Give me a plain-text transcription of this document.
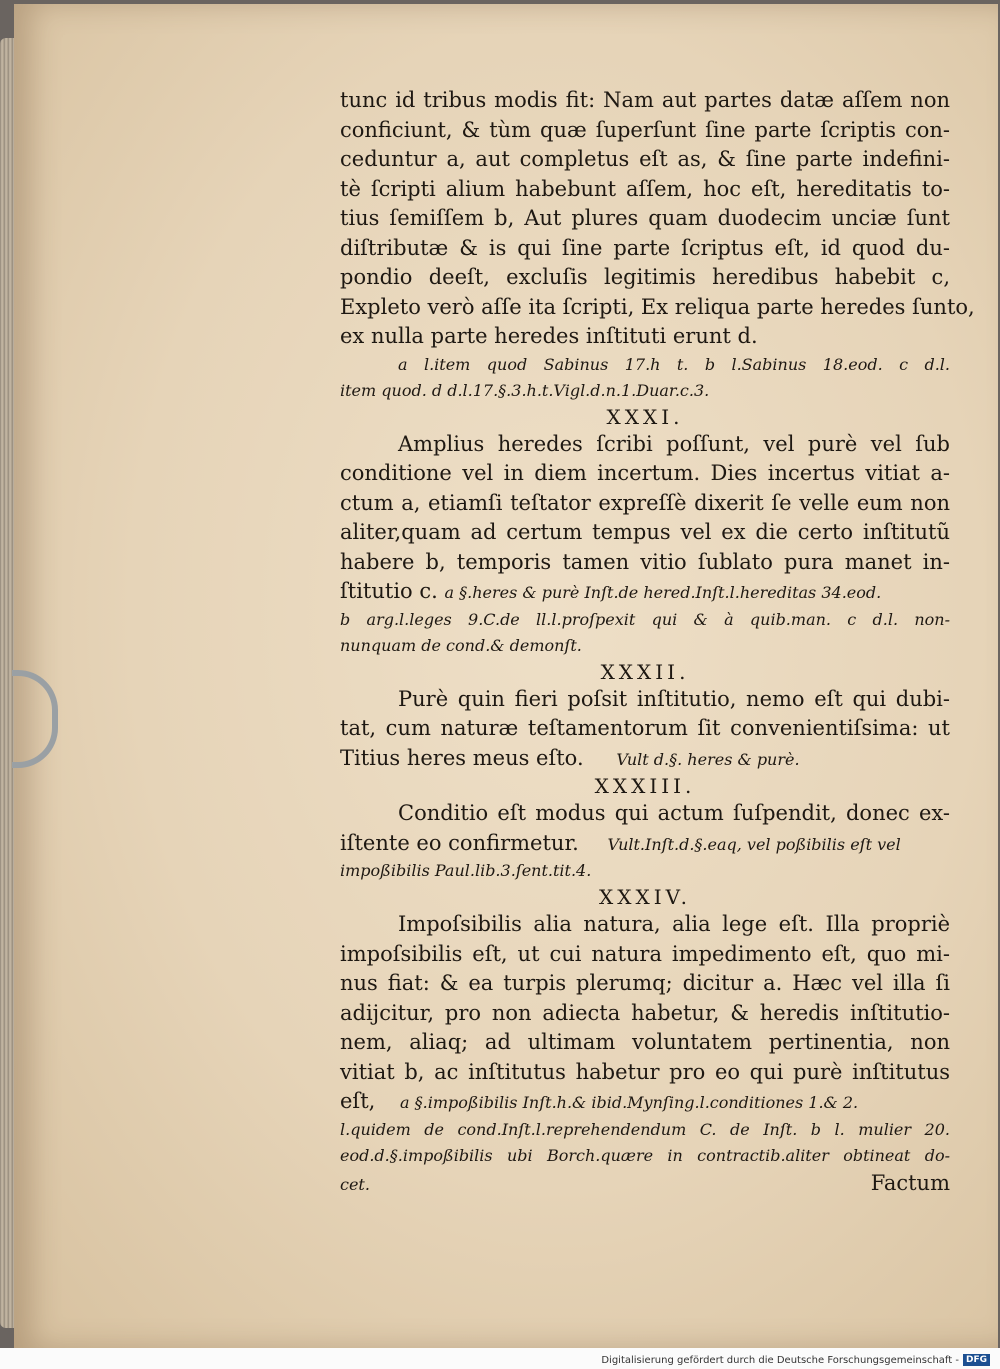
tunc id tribus modis fit: Nam aut partes datæ aſſem non
conficiunt, & tùm quæ ſuperſunt ſine parte ſcriptis con-
ceduntur a, aut completus eſt as, & ſine parte indefini-
tè ſcripti alium habebunt aſſem, hoc eſt, hereditatis to-
tius ſemiſſem b, Aut plures quam duodecim unciæ ſunt
diſtributæ & is qui ſine parte ſcriptus eſt, id quod du-
pondio deeſt, excluſis legitimis heredibus habebit c,
Expleto verò aſſe ita ſcripti, Ex reliqua parte heredes ſunto,
ex nulla parte heredes inſtituti erunt d.
a l.item quod Sabinus 17.h t. b l.Sabinus 18.eod. c d.l.
item quod. d d.l.17.§.3.h.t.Vigl.d.n.1.Duar.c.3.
XXXI.
Amplius heredes ſcribi poſſunt, vel purè vel ſub
conditione vel in diem incertum. Dies incertus vitiat a-
ctum a, etiamſi teſtator expreſſè dixerit ſe velle eum non
aliter,quam ad certum tempus vel ex die certo inſtitutũ
habere b, temporis tamen vitio ſublato pura manet in-
ſtitutio c. a §.heres & purè Inſt.de hered.Inſt.l.hereditas 34.eod.
b arg.l.leges 9.C.de ll.l.proſpexit qui & à quib.man. c d.l. non-
nunquam de cond.& demonſt.
XXXII.
Purè quin fieri poſsit inſtitutio, nemo eſt qui dubi-
tat, cum naturæ teſtamentorum ſit convenientiſsima: ut
Titius heres meus eſto. Vult d.§. heres & purè.
XXXIII.
Conditio eſt modus qui actum ſuſpendit, donec ex-
iſtente eo confirmetur. Vult.Inſt.d.§.eaq, vel poßibilis eſt vel
impoßibilis Paul.lib.3.ſent.tit.4.
XXXIV.
Impoſsibilis alia natura, alia lege eſt. Illa propriè
impoſsibilis eſt, ut cui natura impedimento eſt, quo mi-
nus fiat: & ea turpis plerumq; dicitur a. Hæc vel illa ſi
adijcitur, pro non adiecta habetur, & heredis inſtitutio-
nem, aliaq; ad ultimam voluntatem pertinentia, non
vitiat b, ac inſtitutus habetur pro eo qui purè inſtitutus
eſt, a §.impoßibilis Inſt.h.& ibid.Mynſing.l.conditiones 1.& 2.
l.quidem de cond.Inſt.l.reprehendendum C. de Inſt. b l. mulier 20.
eod.d.§.impoßibilis ubi Borch.quære in contractib.aliter obtineat do-
cet.	Factum
Digitalisierung gefördert durch die Deutsche Forschungsgemeinschaft - DFG
